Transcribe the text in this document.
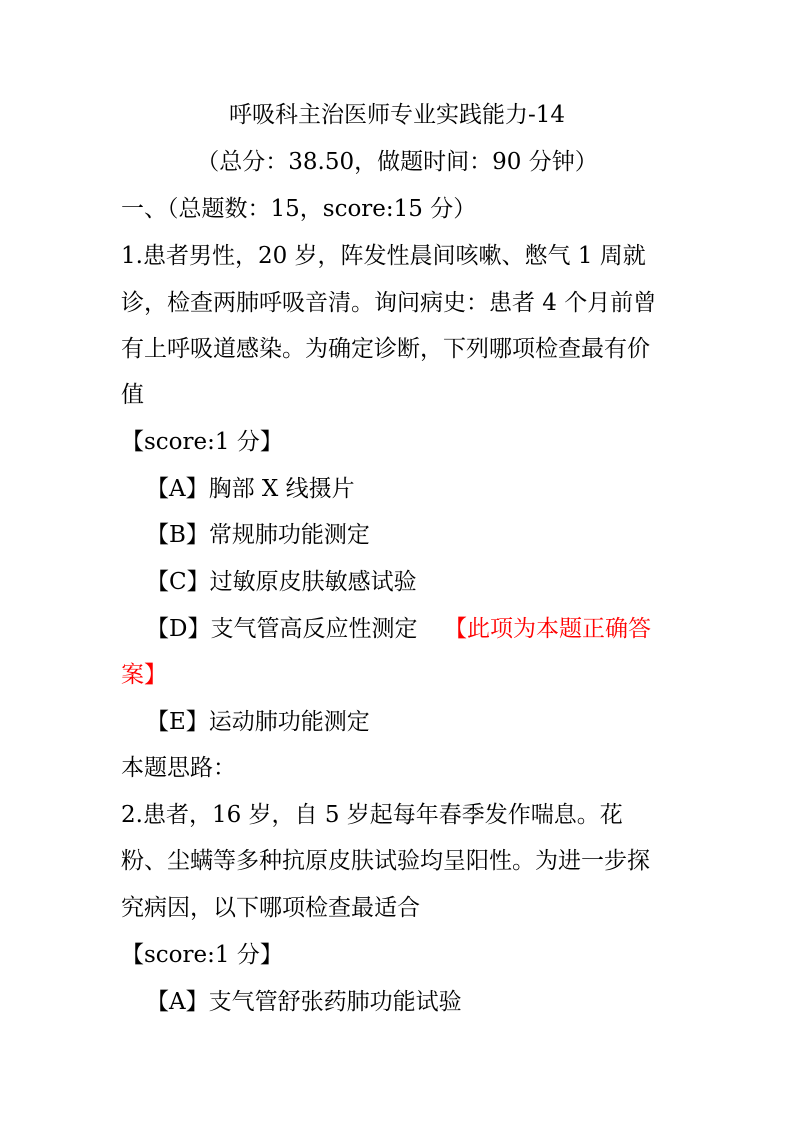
呼吸科主治医师专业实践能力-14
（总分：38.50，做题时间：90 分钟）
一、（总题数：15，score:15 分）
1.患者男性，20 岁，阵发性晨间咳嗽、憋气 1 周就
诊，检查两肺呼吸音清。询问病史：患者 4 个月前曾
有上呼吸道感染。为确定诊断，下列哪项检查最有价
值
【score:1 分】
【A】胸部 X 线摄片
【B】常规肺功能测定
【C】过敏原皮肤敏感试验
【D】支气管高反应性测定 【此项为本题正确答
案】
【E】运动肺功能测定
本题思路：
2.患者，16 岁，自 5 岁起每年春季发作喘息。花
粉、尘螨等多种抗原皮肤试验均呈阳性。为进一步探
究病因，以下哪项检查最适合
【score:1 分】
【A】支气管舒张药肺功能试验
